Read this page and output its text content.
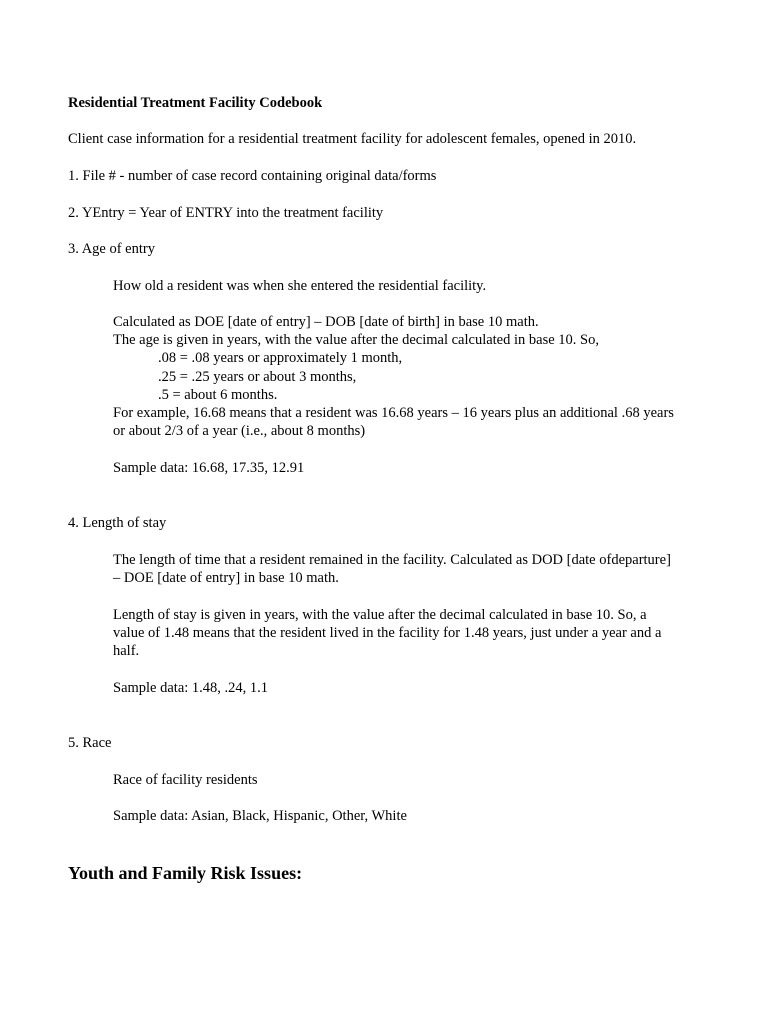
Residential Treatment Facility Codebook
Client case information for a residential treatment facility for adolescent females, opened in 2010.
1. File # - number of case record containing original data/forms
2. YEntry = Year of ENTRY into the treatment facility
3. Age of entry
How old a resident was when she entered the residential facility.
Calculated as DOE [date of entry] – DOB [date of birth] in base 10 math.
The age is given in years, with the value after the decimal calculated in base 10. So,
.08 = .08 years or approximately 1 month,
.25 = .25 years or about 3 months,
.5 = about 6 months.
For example, 16.68 means that a resident was 16.68 years – 16 years plus an additional .68 years
or about 2/3 of a year (i.e., about 8 months)
Sample data: 16.68, 17.35, 12.91
4. Length of stay
The length of time that a resident remained in the facility. Calculated as DOD [date ofdeparture]
– DOE [date of entry] in base 10 math.
Length of stay is given in years, with the value after the decimal calculated in base 10. So, a
value of 1.48 means that the resident lived in the facility for 1.48 years, just under a year and a
half.
Sample data: 1.48, .24, 1.1
5. Race
Race of facility residents
Sample data: Asian, Black, Hispanic, Other, White
Youth and Family Risk Issues:
